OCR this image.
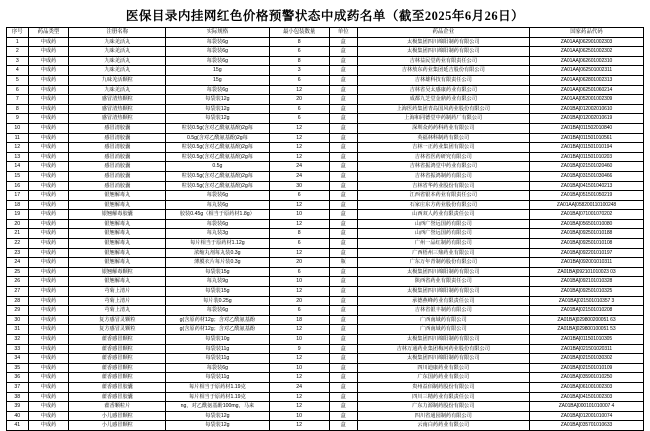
医保目录内挂网红色价格预警状态中成药名单（截至2025年6月26日）
序号	药品类型	注册名称	实际规格	最小包装数量	单位	药品企业	国家药品代码
1	中成药	九味羌活丸	每袋装6g	8	盒	太极集团四川绵阳制药有限公司	ZA01AA]062901002303
2	中成药	九味羌活丸	每袋装6g	6	盒	太极集团四川绵阳制药有限公司	ZA01AA]062501002302
3	中成药	九味羌活丸	每袋装6g	8	盒	吉林益民堂药业有限责任公司	ZA01AA]062601002310
4	中成药	九味羌活丸	15g	3	盒	吉林敖东药业集团延吉股份有限公司	ZA01AA]062501002311
5	中成药	九味羌活颗粒	15g	6	盒	吉林雄科技有限责任公司	ZA01AA]062801002313
6	中成药	九味羌活丸	每袋装6g	12	盒	吉林省吴太感康药业有限公司	ZA01AA]062501060214
7	中成药	感冒清热颗粒	每袋装12g	20	盒	成都九芝堂金鼎药业有限公司	ZA01AA]052001002309
8	中成药	感冒清热颗粒	每袋装12g	6	盒	上海医药集团青岛国风药业股份有限公司	ZA01BA]012002010610
9	中成药	感冒清热颗粒	每袋装12g	6	盒	上海和同德堂中药制药厂有限公司	ZA01BA]012002010619
10	中成药	感冒清胶囊	粒装0.5g(含对乙酰氨基酚)2g每	12	盒	深圳众药药科药业有限公司	ZA01BA]011502010840
11	中成药	感冒清胶囊	0.5g(含对乙酰氨基酚)2g每	12	盒	英福林科制药有限公司	ZA01BA]011501010561
12	中成药	感冒清胶囊	粒装0.5g(含对乙酰氨基酚)2g每	12	盒	吉林一正药业集团有限公司	ZA01BA]011501010194
13	中成药	感冒消胶囊	粒装0.5g(含对乙酰氨基酚)2g每	12	盒	吉林省医药研究有限公司	ZA01BA]011501010203
14	中成药	感冒消胶囊	0.5g	24	盒	吉林省振鸿堂中药业有限公司	ZA01BA]021501020460
15	中成药	感冒消胶囊	粒装0.5g(含对乙酰氨基酚)2g每	24	盒	吉林省振鸿制药有限公司	ZA01BA]031501030466
16	中成药	感冒消胶囊	粒装0.5g(含对乙酰氨基酚)2g每	30	盒	吉林省华药业股份有限公司	ZA01BA]041501040213
17	中成药	银翘解毒丸	每袋装6g	6	盒	江西省银本药业有限责任公司	ZA01BA]051501050219
18	中成药	银翘解毒丸	每丸装6g	12	盒	石家庄东方药业股份有限公司	ZA01AA]058200110100248
19	中成药	银翘解毒胶囊	胶装0.45g（相当于原药材1.8g）	10	盒	山西双人药业有限责任公司	ZA01BA]071001070202
20	中成药	银翘解毒丸	每袋装6g	12	盒	山西广誉远国药有限公司	ZA01BA]056501010080
21	中成药	银翘解毒丸	每丸装3g	8	盒	山西广誉远国药有限公司	ZA01BA]092501010188
22	中成药	银翘解毒丸	每片相当于原药材1.12g	6	盒	广州一品红制药有限公司	ZA01BA]092501010108
23	中成药	银翘解毒丸	浓缩丸剂每丸装0.3g	12	盒	广西梧州三鼎药业有限公司	ZA01BA]092201010197
24	中成药	银翘解毒丸	薄膜衣片每片装0.3g	20	瓶	广东万年青制药股份有限公司	ZA01BA]092001010311
25	中成药	银翘解毒颗粒	每袋装15g	6	盒	太极集团四川绵阳制药有限公司	ZA01BA]092101010023 03
26	中成药	银翘解毒丸	每丸装9g	10	盒	陕西省药业有限责任公司	ZA01BA]092101010328
27	中成药	芎菊上清片	每袋装15g	12	盒	太极集团四川绵阳制药有限公司	ZA01BA]092501010325
28	中成药	芎菊上清片	每片装0.25g	20	盒	承德燕峰药业有限责任公司	ZA01BA]021501010357 3
29	中成药	芎菊上清丸	每袋装6g	6	盒	吉林省银丰制药有限公司	ZA01BA]021501010208
30	中成药	复方感冒灵颗粒	g(含原药材12g；含对乙酰氨基酚	18	盒	广西南域药有限公司	ZA01BA]029800200051 63
31	中成药	复方感冒灵颗粒	g(含原药材12g；含对乙酰氨基酚	12	盒	广西南域药有限公司	ZA01BA]029800100051 53
32	中成药	藿香感冒颗粒	每袋装10g	10	盒	太极集团四川绵阳制药有限公司	ZA01BA]011501010305
33	中成药	藿香感冒颗粒	每袋装11g	9	盒	吉林万通药业集团梅河药业股份有限公司	ZA01BA]021501020311
34	中成药	藿香感冒颗粒	每袋装11g	12	盒	太极集团四川绵阳制药有限公司	ZA01BA]021501030302
35	中成药	藿香感冒颗粒	每袋装6g	10	盒	四川迪康药业有限公司	ZA01BA]021501010109
36	中成药	藿香感冒颗粒	每袋装11g	12	盒	广东国药药业有限公司	ZA01BA]035901010250
37	中成药	藿香感冒胶囊	每片相当于原药材1.19克	24	盒	贵州益佰制药股份有限公司	ZA01BA]061001002303
38	中成药	藿香感冒胶囊	每片相当于原药材1.19克	12	盒	四川三精药业有限责任公司	ZA01BA]041501002303
39	中成药	藿香颗粒片	ng，对乙酰氨基酚100mg，马来	12	盒	广东力源制药股份有限公司	ZA01BA]000101010007 4
40	中成药	小儿感冒颗粒	每袋装12g	10	盒	四川省通园制药有限公司	ZA01BA]012001010074
41	中成药	小儿感冒颗粒	每袋装12g	12	盒	云南白药药业有限公司	ZA01BA]035701010633
